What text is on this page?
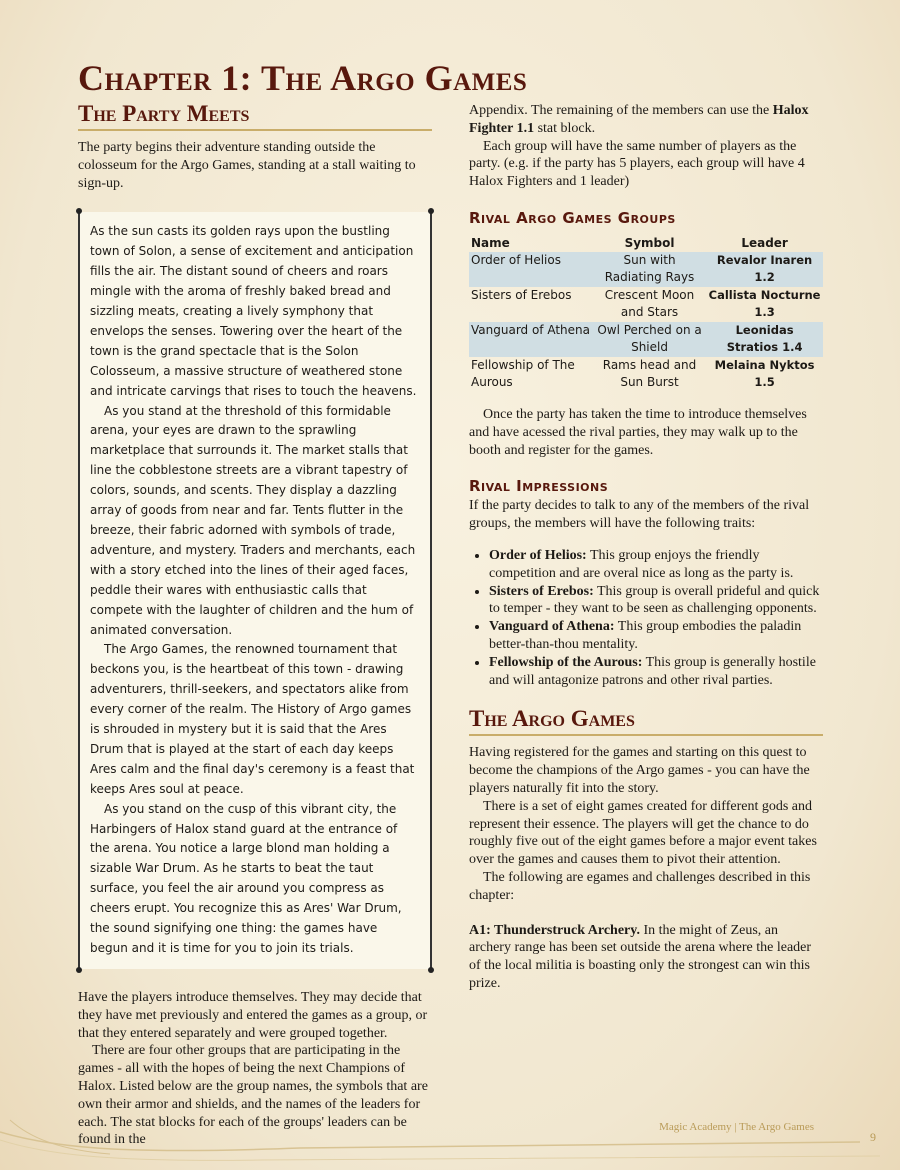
Chapter 1: The Argo Games
The Party Meets

The party begins their adventure standing outside the colosseum for the Argo Games, standing at a stall waiting to sign-up.

As the sun casts its golden rays upon the bustling town of Solon, a sense of excitement and anticipation fills the air. The distant sound of cheers and roars mingle with the aroma of freshly baked bread and sizzling meats, creating a lively symphony that envelops the senses. Towering over the heart of the town is the grand spectacle that is the Solon Colosseum, a massive structure of weathered stone and intricate carvings that rises to touch the heavens.

As you stand at the threshold of this formidable arena, your eyes are drawn to the sprawling marketplace that surrounds it. The market stalls that line the cobblestone streets are a vibrant tapestry of colors, sounds, and scents. They display a dazzling array of goods from near and far. Tents flutter in the breeze, their fabric adorned with symbols of trade, adventure, and mystery. Traders and merchants, each with a story etched into the lines of their aged faces, peddle their wares with enthusiastic calls that compete with the laughter of children and the hum of animated conversation.

The Argo Games, the renowned tournament that beckons you, is the heartbeat of this town - drawing adventurers, thrill-seekers, and spectators alike from every corner of the realm. The History of Argo games is shrouded in mystery but it is said that the Ares Drum that is played at the start of each day keeps Ares calm and the final day's ceremony is a feast that keeps Ares soul at peace.

As you stand on the cusp of this vibrant city, the Harbingers of Halox stand guard at the entrance of the arena. You notice a large blond man holding a sizable War Drum. As he starts to beat the taut surface, you feel the air around you compress as cheers erupt. You recognize this as Ares' War Drum, the sound signifying one thing: the games have begun and it is time for you to join its trials.

Have the players introduce themselves. They may decide that they have met previously and entered the games as a group, or that they entered separately and were grouped together.

There are four other groups that are participating in the games - all with the hopes of being the next Champions of Halox. Listed below are the group names, the symbols that are own their armor and shields, and the names of the leaders for each. The stat blocks for each of the groups' leaders can be found in the

Appendix. The remaining of the members can use the Halox Fighter 1.1 stat block.

Each group will have the same number of players as the party. (e.g. if the party has 5 players, each group will have 4 Halox Fighters and 1 leader)

Rival Argo Games Groups
Name	Symbol	Leader
Order of Helios	Sun with Radiating Rays	Revalor Inaren 1.2
Sisters of Erebos	Crescent Moon and Stars	Callista Nocturne 1.3
Vanguard of Athena	Owl Perched on a Shield	Leonidas Stratios 1.4
Fellowship of The Aurous	Rams head and Sun Burst	Melaina Nyktos 1.5

Once the party has taken the time to introduce themselves and have acessed the rival parties, they may walk up to the booth and register for the games.

Rival Impressions

If the party decides to talk to any of the members of the rival groups, the members will have the following traits:

• Order of Helios: This group enjoys the friendly competition and are overal nice as long as the party is.
• Sisters of Erebos: This group is overall prideful and quick to temper - they want to be seen as challenging opponents.
• Vanguard of Athena: This group embodies the paladin better-than-thou mentality.
• Fellowship of the Aurous: This group is generally hostile and will antagonize patrons and other rival parties.
The Argo Games

Having registered for the games and starting on this quest to become the champions of the Argo games - you can have the players naturally fit into the story.

There is a set of eight games created for different gods and represent their essence. The players will get the chance to do roughly five out of the eight games before a major event takes over the games and causes them to pivot their attention.

The following are egames and challenges described in this chapter:

A1: Thunderstruck Archery. In the might of Zeus, an archery range has been set outside the arena where the leader of the local militia is boasting only the strongest can win this prize.

Magic Academy | The Argo Games
9
